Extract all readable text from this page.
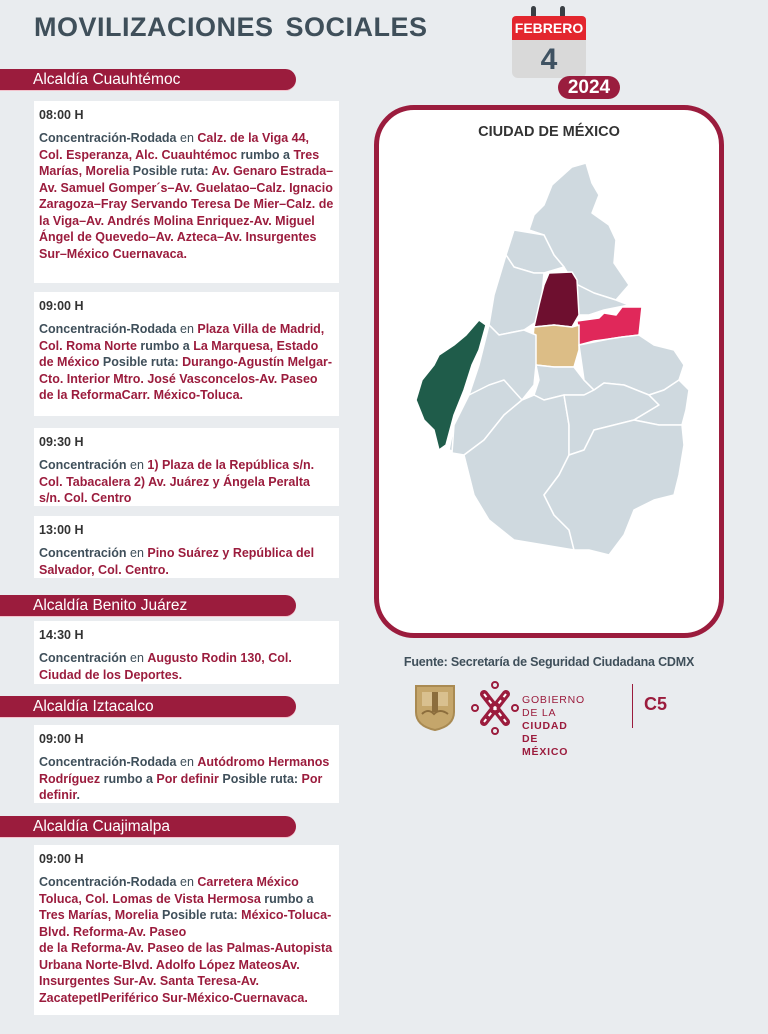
MOVILIZACIONES SOCIALES	FEBRERO
4
2024
Alcaldía Cuauhtémoc
08:00 H
Concentración-Rodada en Calz. de la Viga 44, Col. Esperanza, Alc. Cuauhtémoc rumbo a Tres Marías, Morelia Posible ruta: Av. Genaro Estrada–Av. Samuel Gomper´s–Av. Guelatao–Calz. Ignacio Zaragoza–Fray Servando Teresa De Mier–Calz. de la Viga–Av. Andrés Molina Enriquez-Av. Miguel Ángel de Quevedo–Av. Azteca–Av. Insurgentes Sur–México Cuernavaca.
09:00 H
Concentración-Rodada en Plaza Villa de Madrid,
Col. Roma Norte rumbo a La Marquesa, Estado de México Posible ruta: Durango-Agustín Melgar-Cto. Interior Mtro. José Vasconcelos-Av. Paseo de la ReformaCarr. México-Toluca.
09:30 H
Concentración en 1) Plaza de la República s/n. Col. Tabacalera 2) Av. Juárez y Ángela Peralta s/n. Col. Centro
13:00 H
Concentración en Pino Suárez y República del Salvador, Col. Centro.
Alcaldía Benito Juárez
14:30 H
Concentración en Augusto Rodin 130, Col. Ciudad de los Deportes.
Alcaldía Iztacalco
09:00 H
Concentración-Rodada en Autódromo Hermanos Rodríguez rumbo a Por definir Posible ruta: Por definir.
Alcaldía Cuajimalpa
09:00 H
Concentración-Rodada en Carretera México Toluca, Col. Lomas de Vista Hermosa rumbo a Tres Marías, Morelia Posible ruta: México-Toluca-Blvd. Reforma-Av. Paseo
de la Reforma-Av. Paseo de las Palmas-Autopista Urbana Norte-Blvd. Adolfo López MateosAv. Insurgentes Sur-Av. Santa Teresa-Av. ZacatepetlPeriférico Sur-México-Cuernavaca.
CIUDAD DE MÉXICO
Fuente: Secretaría de Seguridad Ciudadana CDMX
GOBIERNO DE LA
CIUDAD DE MÉXICO
C5
